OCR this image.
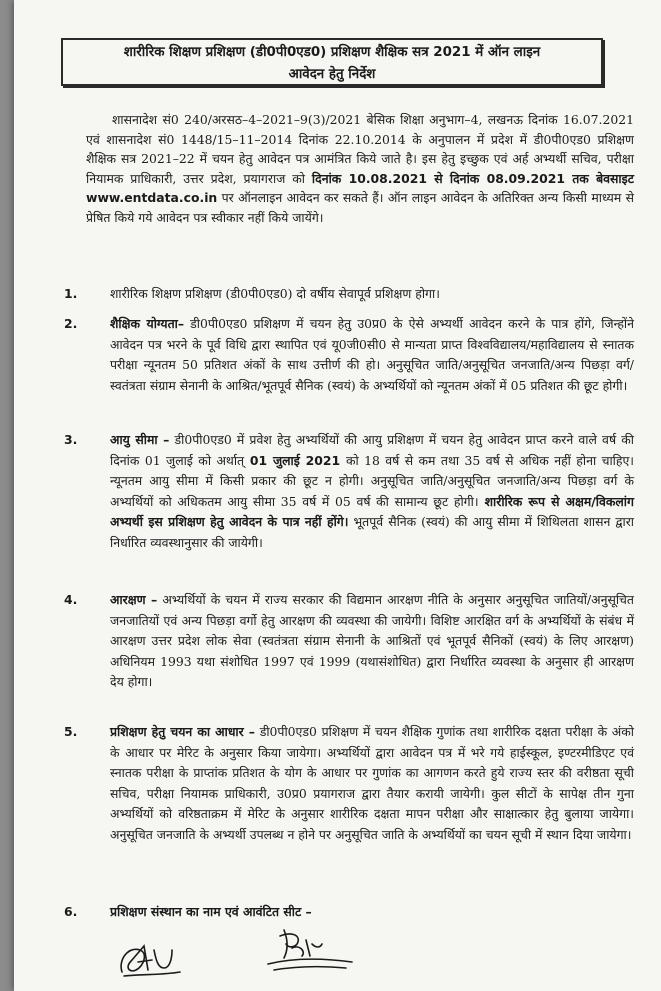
शारीरिक शिक्षण प्रशिक्षण (डी0पी0एड0) प्रशिक्षण शैक्षिक सत्र 2021 में ऑन लाइन
आवेदन हेतु निर्देश
शासनादेश सं0 240/अरसठ–4–2021–9(3)/2021 बेसिक शिक्षा अनुभाग–4, लखनऊ दिनांक 16.07.2021 एवं शासनादेश सं0 1448/15–11–2014 दिनांक 22.10.2014 के अनुपालन में प्रदेश में डी0पी0एड0 प्रशिक्षण शैक्षिक सत्र 2021–22 में चयन हेतु आवेदन पत्र आमंत्रित किये जाते है। इस हेतु इच्छुक एवं अर्ह अभ्यर्थी सचिव, परीक्षा नियामक प्राधिकारी, उत्तर प्रदेश, प्रयागराज को दिनांक 10.08.2021 से दिनांक 08.09.2021 तक बेवसाइट www.entdata.co.in पर ऑनलाइन आवेदन कर सकते हैं। ऑन लाइन आवेदन के अतिरिक्त अन्य किसी माध्यम से प्रेषित किये गये आवेदन पत्र स्वीकार नहीं किये जायेंगे।
1.	शारीरिक शिक्षण प्रशिक्षण (डी0पी0एड0) दो वर्षीय सेवापूर्व प्रशिक्षण होगा।
2.	शैक्षिक योग्यता– डी0पी0एड0 प्रशिक्षण में चयन हेतु उ0प्र0 के ऐसे अभ्यर्थी आवेदन करने के पात्र होंगे, जिन्होंने आवेदन पत्र भरने के पूर्व विधि द्वारा स्थापित एवं यू0जी0सी0 से मान्यता प्राप्त विश्वविद्यालय/महाविद्यालय से स्नातक परीक्षा न्यूनतम 50 प्रतिशत अंकों के साथ उत्तीर्ण की हो। अनुसूचित जाति/अनुसूचित जनजाति/अन्य पिछड़ा वर्ग/स्वतंत्रता संग्राम सेनानी के आश्रित/भूतपूर्व सैनिक (स्वयं) के अभ्यर्थियों को न्यूनतम अंकों में 05 प्रतिशत की छूट होगी।
3.	आयु सीमा – डी0पी0एड0 में प्रवेश हेतु अभ्यर्थियों की आयु प्रशिक्षण में चयन हेतु आवेदन प्राप्त करने वाले वर्ष की दिनांक 01 जुलाई को अर्थात् 01 जुलाई 2021 को 18 वर्ष से कम तथा 35 वर्ष से अधिक नहीं होना चाहिए। न्यूनतम आयु सीमा में किसी प्रकार की छूट न होगी। अनुसूचित जाति/अनुसूचित जनजाति/अन्य पिछड़ा वर्ग के अभ्यर्थियों को अधिकतम आयु सीमा 35 वर्ष में 05 वर्ष की सामान्य छूट होगी। शारीरिक रूप से अक्षम/विकलांग अभ्यर्थी इस प्रशिक्षण हेतु आवेदन के पात्र नहीं होंगे। भूतपूर्व सैनिक (स्वयं) की आयु सीमा में शिथिलता शासन द्वारा निर्धारित व्यवस्थानुसार की जायेगी।
4.	आरक्षण – अभ्यर्थियों के चयन में राज्य सरकार की विद्यमान आरक्षण नीति के अनुसार अनुसूचित जातियों/अनुसूचित जनजातियों एवं अन्य पिछड़ा वर्गो हेतु आरक्षण की व्यवस्था की जायेगी। विशिष्ट आरक्षित वर्ग के अभ्यर्थियों के संबंध में आरक्षण उत्तर प्रदेश लोक सेवा (स्वतंत्रता संग्राम सेनानी के आश्रितों एवं भूतपूर्व सैनिकों (स्वयं) के लिए आरक्षण) अधिनियम 1993 यथा संशोधित 1997 एवं 1999 (यथासंशोधित) द्वारा निर्धारित व्यवस्था के अनुसार ही आरक्षण देय होगा।
5.	प्रशिक्षण हेतु चयन का आधार – डी0पी0एड0 प्रशिक्षण में चयन शैक्षिक गुणांक तथा शारीरिक दक्षता परीक्षा के अंको के आधार पर मेरिट के अनुसार किया जायेगा। अभ्यर्थियों द्वारा आवेदन पत्र में भरे गये हाईस्कूल, इण्टरमीडिएट एवं स्नातक परीक्षा के प्राप्तांक प्रतिशत के योग के आधार पर गुणांक का आगणन करते हुये राज्य स्तर की वरीष्ठता सूची सचिव, परीक्षा नियामक प्राधिकारी, उ0प्र0 प्रयागराज द्वारा तैयार करायी जायेगी। कुल सीटों के सापेक्ष तीन गुना अभ्यर्थियों को वरिष्ठताक्रम में मेरिट के अनुसार शारीरिक दक्षता मापन परीक्षा और साक्षात्कार हेतु बुलाया जायेगा। अनुसूचित जनजाति के अभ्यर्थी उपलब्ध न होने पर अनुसूचित जाति के अभ्यर्थियों का चयन सूची में स्थान दिया जायेगा।
6.	प्रशिक्षण संस्थान का नाम एवं आवंटित सीट –
